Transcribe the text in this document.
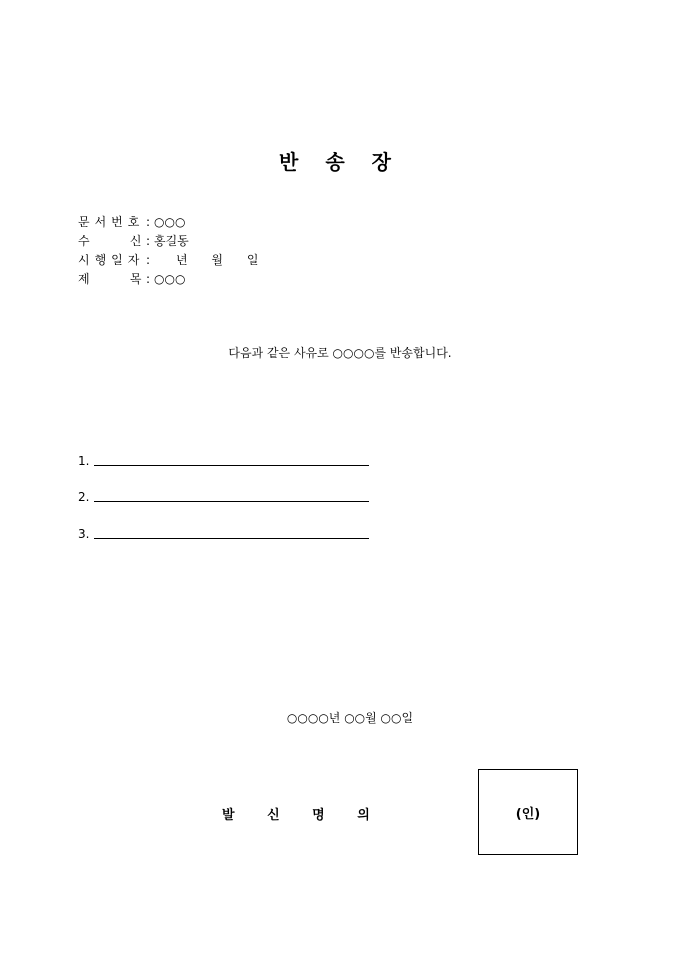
반 송 장
문서번호 : ○○○
수    신: 홍길동
시행일자 : 년 월 일
제    목: ○○○
다음과 같은 사유로 ○○○○를 반송합니다.
1.
2.
3.
○○○○년 ○○월 ○○일
발 신 명 의	(인)
